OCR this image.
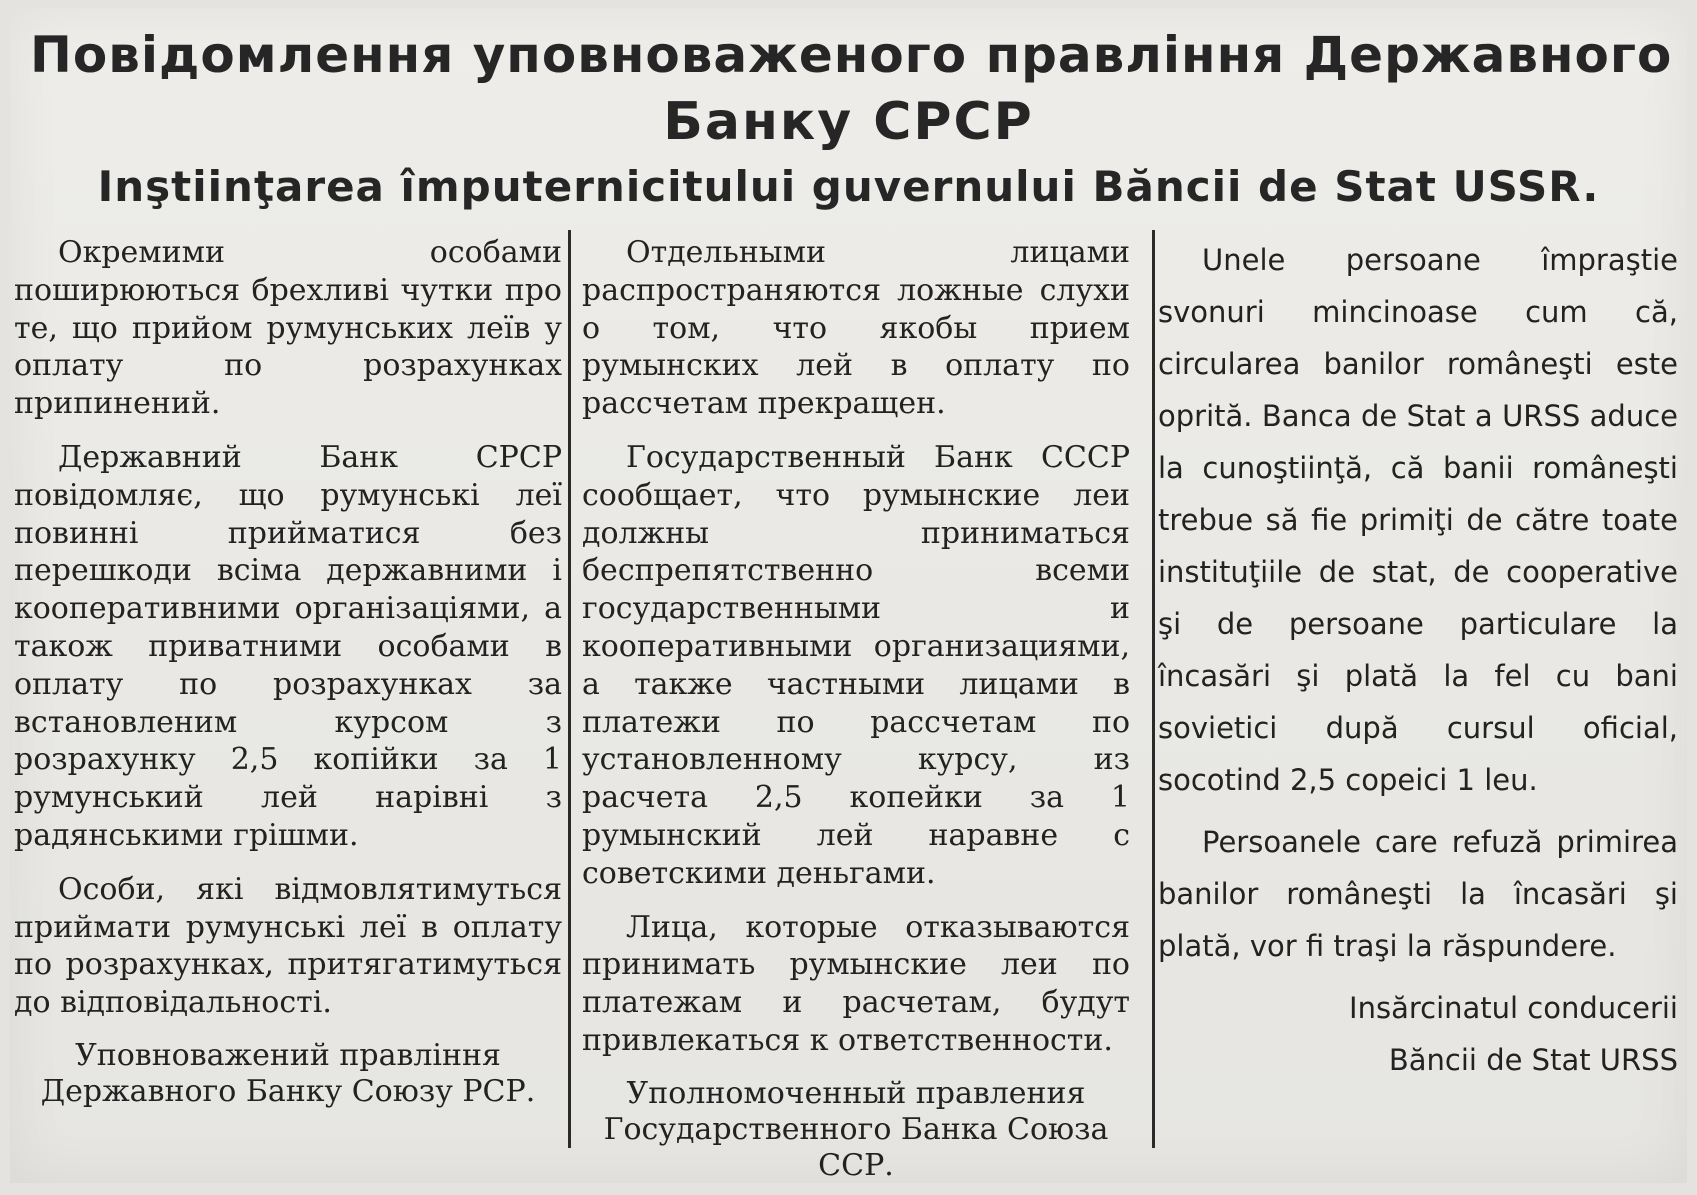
Повідомлення уповноваженого правління Державного
Банку СРСР
Inştiinţarea împuternicitului guvernului Băncii de Stat USSR.

Окремими особами поширюються брехливі чутки про те, що прийом румунських леїв у оплату по розрахунках припинений.

Державний Банк СРСР повідомляє, що румунські леї повинні прийматися без перешкоди всіма державними і кооперативними організаціями, а також приватними особами в оплату по розрахунках за встановленим курсом з розрахунку 2,5 копійки за 1 румунський лей нарівні з радянськими грішми.

Особи, які відмовлятимуться приймати румунські леї в оплату по розрахунках, притягатимуться до відповідальності.

Уповноважений правління Державного Банку Союзу РСР.

Отдельными лицами распространяются ложные слухи о том, что якобы прием румынских лей в оплату по рассчетам прекращен.

Государственный Банк СССР сообщает, что румынские леи должны приниматься беспрепятственно всеми государственными и кооперативными организациями, а также частными лицами в платежи по рассчетам по установленному курсу, из расчета 2,5 копейки за 1 румынский лей наравне с советскими деньгами.

Лица, которые отказываются принимать румынские леи по платежам и расчетам, будут привлекаться к ответственности.

Уполномоченный правления Государственного Банка Союза ССР.

Unele persoane împraştie svonuri mincinoase cum că, circularea banilor româneşti este oprită. Banca de Stat a URSS aduce la cunoştiinţă, că banii româneşti trebue să fie primiţi de către toate instituţiile de stat, de cooperative şi de persoane particulare la încasări şi plată la fel cu bani sovietici după cursul oficial, socotind 2,5 copeici 1 leu.

Persoanele care refuză primirea banilor româneşti la încasări şi plată, vor fi traşi la răspundere.

Insărcinatul conducerii
Băncii de Stat URSS
